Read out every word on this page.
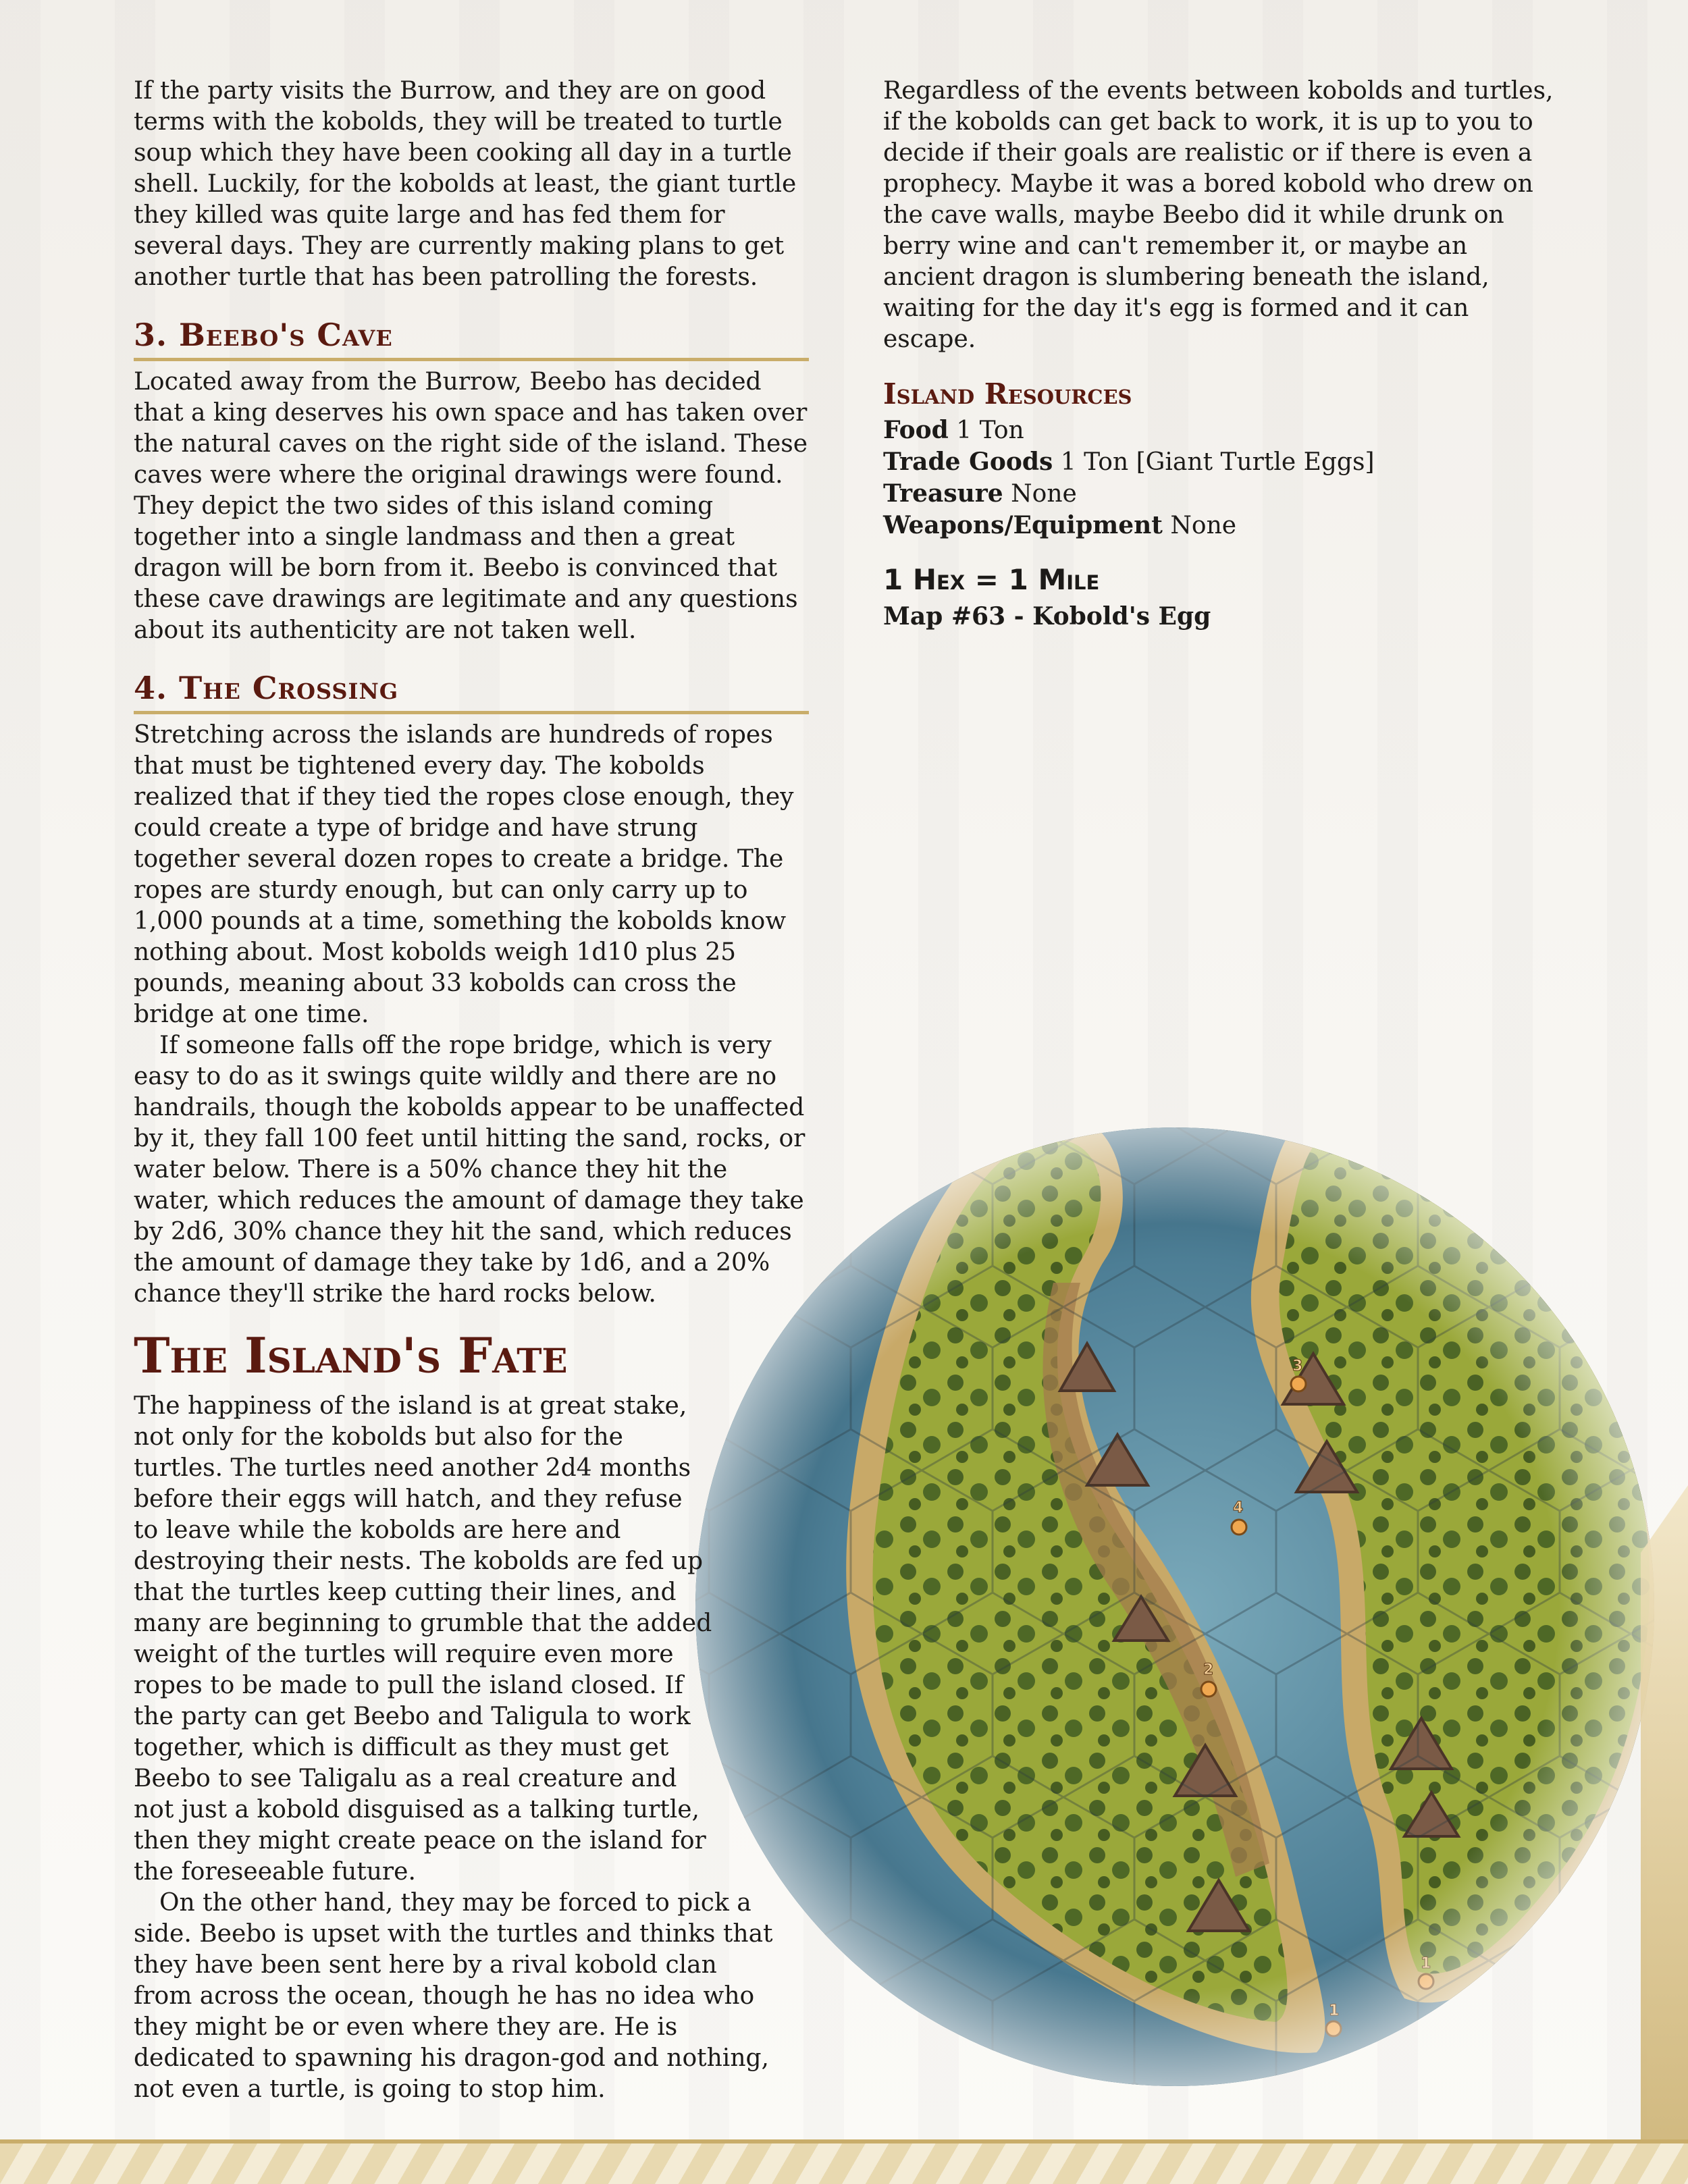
If the party visits the Burrow, and they are on good terms with the kobolds, they will be treated to turtle soup which they have been cooking all day in a turtle shell. Luckily, for the kobolds at least, the giant turtle they killed was quite large and has fed them for several days. They are currently making plans to get another turtle that has been patrolling the forests.

3. Beebo's Cave

Located away from the Burrow, Beebo has decided that a king deserves his own space and has taken over the natural caves on the right side of the island. These caves were where the original drawings were found. They depict the two sides of this island coming together into a single landmass and then a great dragon will be born from it. Beebo is convinced that these cave drawings are legitimate and any questions about its authenticity are not taken well.

4. The Crossing

Stretching across the islands are hundreds of ropes that must be tightened every day. The kobolds realized that if they tied the ropes close enough, they could create a type of bridge and have strung together several dozen ropes to create a bridge. The ropes are sturdy enough, but can only carry up to 1,000 pounds at a time, something the kobolds know nothing about. Most kobolds weigh 1d10 plus 25 pounds, meaning about 33 kobolds can cross the bridge at one time.

If someone falls off the rope bridge, which is very easy to do as it swings quite wildly and there are no handrails, though the kobolds appear to be unaffected by it, they fall 100 feet until hitting the sand, rocks, or water below. There is a 50% chance they hit the water, which reduces the amount of damage they take by 2d6, 30% chance they hit the sand, which reduces the amount of damage they take by 1d6, and a 20% chance they'll strike the hard rocks below.

The Island's Fate

The happiness of the island is at great stake, not only for the kobolds but also for the turtles. The turtles need another 2d4 months before their eggs will hatch, and they refuse to leave while the kobolds are here and destroying their nests. The kobolds are fed up that the turtles keep cutting their lines, and many are beginning to grumble that the added weight of the turtles will require even more ropes to be made to pull the island closed. If the party can get Beebo and Taligula to work together, which is difficult as they must get Beebo to see Taligalu as a real creature and not just a kobold disguised as a talking turtle, then they might create peace on the island for the foreseeable future.

On the other hand, they may be forced to pick a side. Beebo is upset with the turtles and thinks that they have been sent here by a rival kobold clan from across the ocean, though he has no idea who they might be or even where they are. He is dedicated to spawning his dragon-god and nothing, not even a turtle, is going to stop him.

Regardless of the events between kobolds and turtles, if the kobolds can get back to work, it is up to you to decide if their goals are realistic or if there is even a prophecy. Maybe it was a bored kobold who drew on the cave walls, maybe Beebo did it while drunk on berry wine and can't remember it, or maybe an ancient dragon is slumbering beneath the island, waiting for the day it's egg is formed and it can escape.

Island Resources

Food 1 Ton

Trade Goods 1 Ton [Giant Turtle Eggs]

Treasure None

Weapons/Equipment None

1 Hex = 1 Mile

Map #63 - Kobold's Egg
